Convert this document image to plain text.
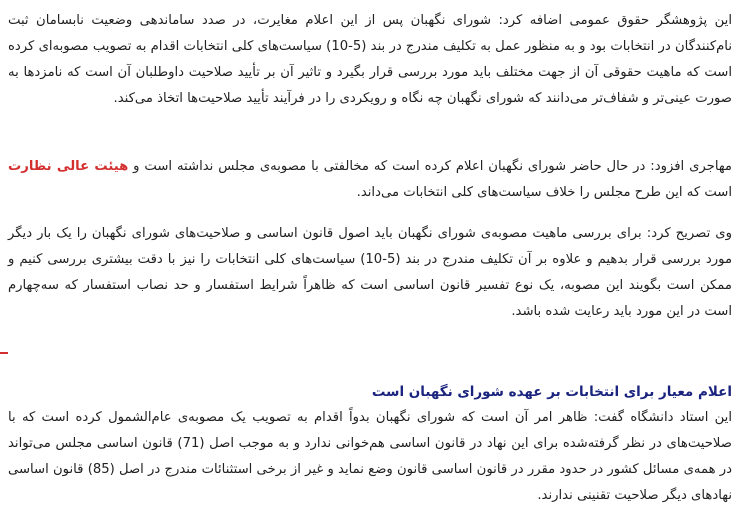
این پژوهشگر حقوق عمومی اضافه کرد: شورای نگهبان پس از این اعلام مغایرت، در صدد ساماندهی وضعیت نابسامان ثبت نام‌کنندگان در انتخابات بود و به منظور عمل به تکلیف مندرج در بند (5-10) سیاست‌های کلی انتخابات اقدام به تصویب مصوبه‌ای کرده است که ماهیت حقوقی آن از جهت مختلف باید مورد بررسی قرار بگیرد و تاثیر آن بر تأیید صلاحیت داوطلبان آن است که نامزدها به صورت عینی‌تر و شفاف‌تر می‌دانند که شورای نگهبان چه نگاه و رویکردی را در فرآیند تأیید صلاحیت‌ها اتخاذ می‌کند.

مهاجری افزود: در حال حاضر شورای نگهبان اعلام کرده است که مخالفتی با مصوبه‌ی مجلس نداشته است و هیئت عالی نظارت است که این طرح مجلس را خلاف سیاست‌های کلی انتخابات می‌داند.

وی تصریح کرد: برای بررسی ماهیت مصوبه‌ی شورای نگهبان باید اصول قانون اساسی و صلاحیت‌های شورای نگهبان را یک بار دیگر مورد بررسی قرار بدهیم و علاوه بر آن تکلیف مندرج در بند (5-10) سیاست‌های کلی انتخابات را نیز با دقت بیشتری بررسی کنیم و ممکن است بگویند این مصوبه، یک نوع تفسیر قانون اساسی است که ظاهراً شرایط استفسار و حد نصاب استفسار که سه‌چهارم است در این مورد باید رعایت شده باشد.

اعلام معیار برای انتخابات بر عهده شورای نگهبان است

این استاد دانشگاه گفت: ظاهر امر آن است که شورای نگهبان بدواً اقدام به تصویب یک مصوبه‌ی عام‌الشمول کرده است که با صلاحیت‌های در نظر گرفته‌شده برای این نهاد در قانون اساسی هم‌خوانی ندارد و به موجب اصل (71) قانون اساسی مجلس می‌تواند در همه‌ی مسائل کشور در حدود مقرر در قانون اساسی قانون وضع نماید و غیر از برخی استثنائات مندرج در اصل (85) قانون اساسی نهادهای دیگر صلاحیت تقنینی ندارند.
